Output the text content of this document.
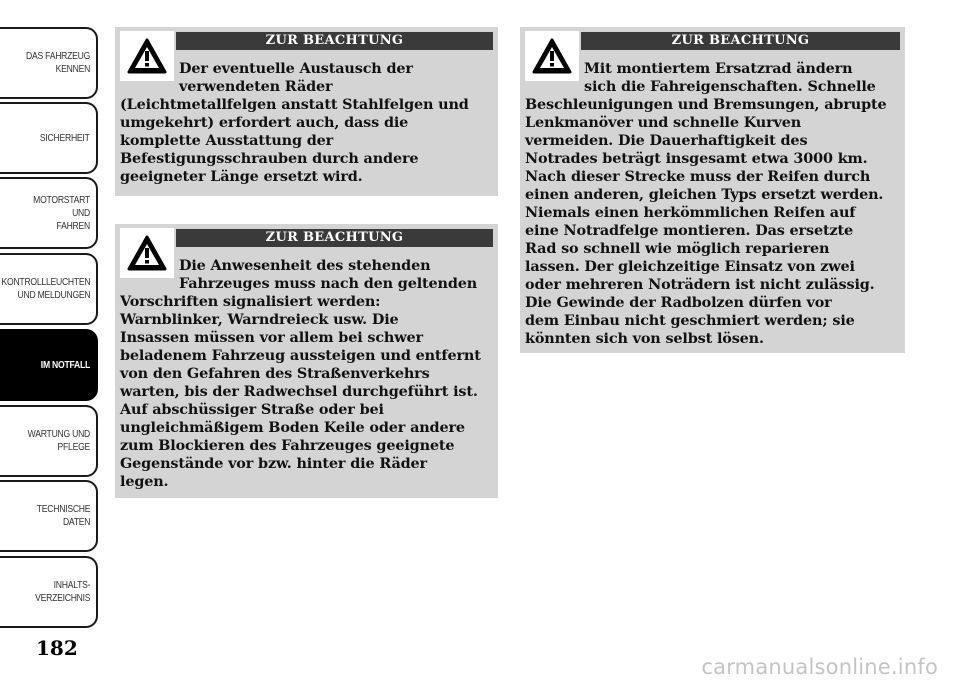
DAS FAHRZEUG
KENNEN
SICHERHEIT
MOTORSTART UND
FAHREN
KONTROLLLEUCHTEN
UND MELDUNGEN
IM NOTFALL
WARTUNG UND
PFLEGE
TECHNISCHE
DATEN
INHALTS-
VERZEICHNIS
182
ZUR BEACHTUNG
Der eventuelle Austausch der
verwendeten Räder
(Leichtmetallfelgen anstatt Stahlfelgen und
umgekehrt) erfordert auch, dass die
komplette Ausstattung der
Befestigungsschrauben durch andere
geeigneter Länge ersetzt wird.
ZUR BEACHTUNG
Die Anwesenheit des stehenden
Fahrzeuges muss nach den geltenden
Vorschriften signalisiert werden:
Warnblinker, Warndreieck usw. Die
Insassen müssen vor allem bei schwer
beladenem Fahrzeug aussteigen und entfernt
von den Gefahren des Straßenverkehrs
warten, bis der Radwechsel durchgeführt ist.
Auf abschüssiger Straße oder bei
ungleichmäßigem Boden Keile oder andere
zum Blockieren des Fahrzeuges geeignete
Gegenstände vor bzw. hinter die Räder
legen.
ZUR BEACHTUNG
Mit montiertem Ersatzrad ändern
sich die Fahreigenschaften. Schnelle
Beschleunigungen und Bremsungen, abrupte
Lenkmanöver und schnelle Kurven
vermeiden. Die Dauerhaftigkeit des
Notrades beträgt insgesamt etwa 3000 km.
Nach dieser Strecke muss der Reifen durch
einen anderen, gleichen Typs ersetzt werden.
Niemals einen herkömmlichen Reifen auf
eine Notradfelge montieren. Das ersetzte
Rad so schnell wie möglich reparieren
lassen. Der gleichzeitige Einsatz von zwei
oder mehreren Noträdern ist nicht zulässig.
Die Gewinde der Radbolzen dürfen vor
dem Einbau nicht geschmiert werden; sie
könnten sich von selbst lösen.
carmanualsonline.info
